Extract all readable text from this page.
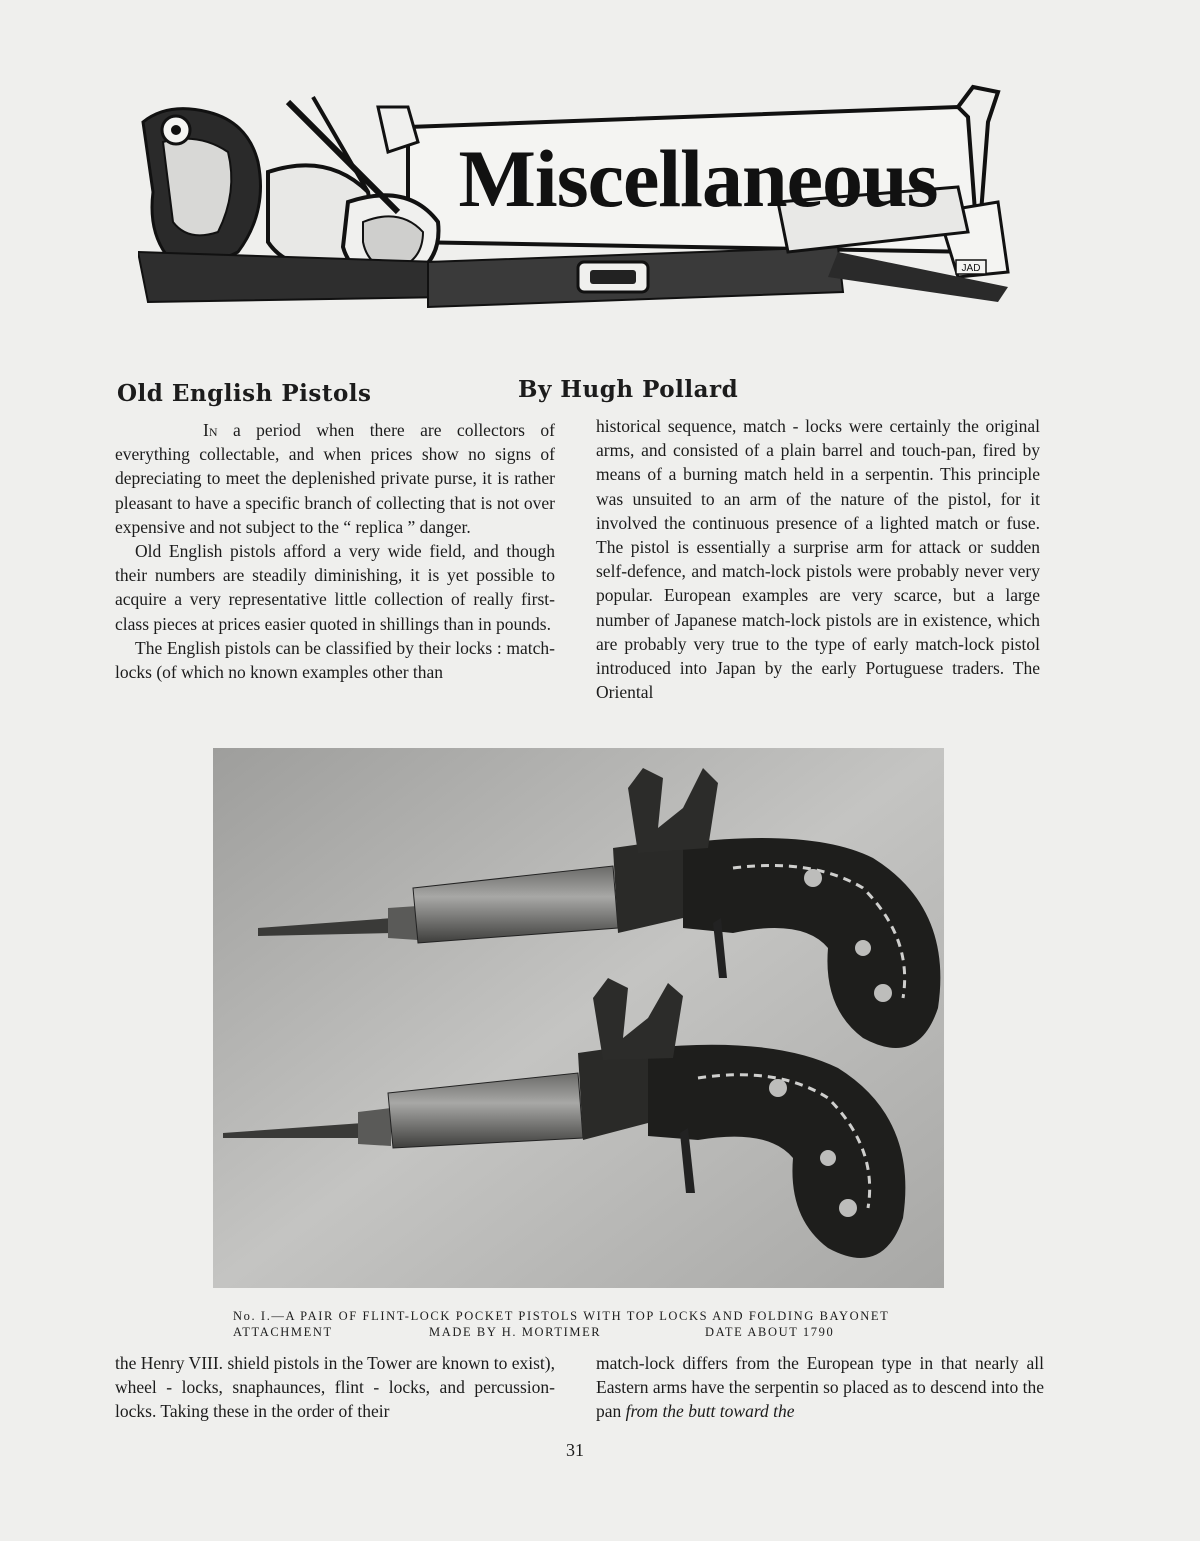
JAD
Miscellaneous
Old English Pistols	By Hugh Pollard

In a period when there are collectors of everything collectable, and when prices show no signs of depreciating to meet the deplenished private purse, it is rather pleasant to have a specific branch of collecting that is not over expensive and not subject to the “ replica ” danger.

Old English pistols afford a very wide field, and though their numbers are steadily diminishing, it is yet possible to acquire a very representative little collection of really first-class pieces at prices easier quoted in shillings than in pounds.

The English pistols can be classified by their locks : match-locks (of which no known examples other than

historical sequence, match - locks were certainly the original arms, and consisted of a plain barrel and touch-pan, fired by means of a burning match held in a serpentin. This principle was unsuited to an arm of the nature of the pistol, for it involved the continuous presence of a lighted match or fuse. The pistol is essentially a surprise arm for attack or sudden self-defence, and match-lock pistols were probably never very popular. European examples are very scarce, but a large number of Japanese match-lock pistols are in existence, which are probably very true to the type of early match-lock pistol introduced into Japan by the early Portuguese traders. The Oriental

No. I.—A PAIR OF FLINT-LOCK POCKET PISTOLS WITH TOP LOCKS AND FOLDING BAYONET
ATTACHMENT	MADE BY H. MORTIMER	DATE ABOUT 1790

the Henry VIII. shield pistols in the Tower are known to exist), wheel - locks, snaphaunces, flint - locks, and percussion-locks. Taking these in the order of their

match-lock differs from the European type in that nearly all Eastern arms have the serpentin so placed as to descend into the pan from the butt toward the

31
